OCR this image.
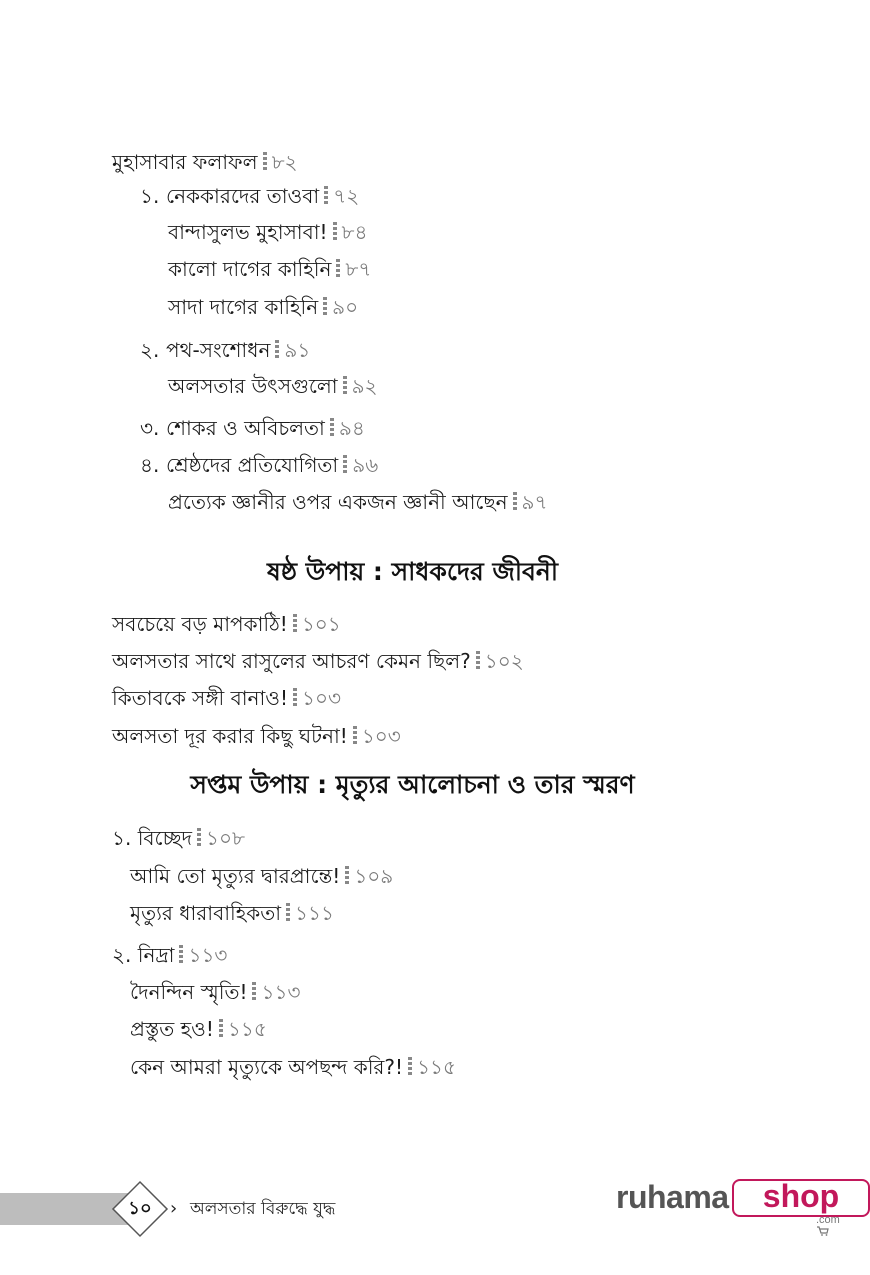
মুহাসাবার ফলাফল ৮২
১. নেককারদের তাওবা ৭২
বান্দাসুলভ মুহাসাবা! ৮৪
কালো দাগের কাহিনি ৮৭
সাদা দাগের কাহিনি ৯০
২. পথ-সংশোধন ৯১
অলসতার উৎসগুলো ৯২
৩. শোকর ও অবিচলতা ৯৪
৪. শ্রেষ্ঠদের প্রতিযোগিতা ৯৬
প্রত্যেক জ্ঞানীর ওপর একজন জ্ঞানী আছেন ৯৭
ষষ্ঠ উপায় : সাধকদের জীবনী
সবচেয়ে বড় মাপকাঠি! ১০১
অলসতার সাথে রাসুলের আচরণ কেমন ছিল? ১০২
কিতাবকে সঙ্গী বানাও! ১০৩
অলসতা দূর করার কিছু ঘটনা! ১০৩
সপ্তম উপায় : মৃত্যুর আলোচনা ও তার স্মরণ
১. বিচ্ছেদ ১০৮
আমি তো মৃত্যুর দ্বারপ্রান্তে! ১০৯
মৃত্যুর ধারাবাহিকতা ১১১
২. নিদ্রা ১১৩
দৈনন্দিন স্মৃতি! ১১৩
প্রস্তুত হও! ১১৫
কেন আমরা মৃত্যুকে অপছন্দ করি?! ১১৫
১০	› অলসতার বিরুদ্ধে যুদ্ধ	ruhama	shop
.com
